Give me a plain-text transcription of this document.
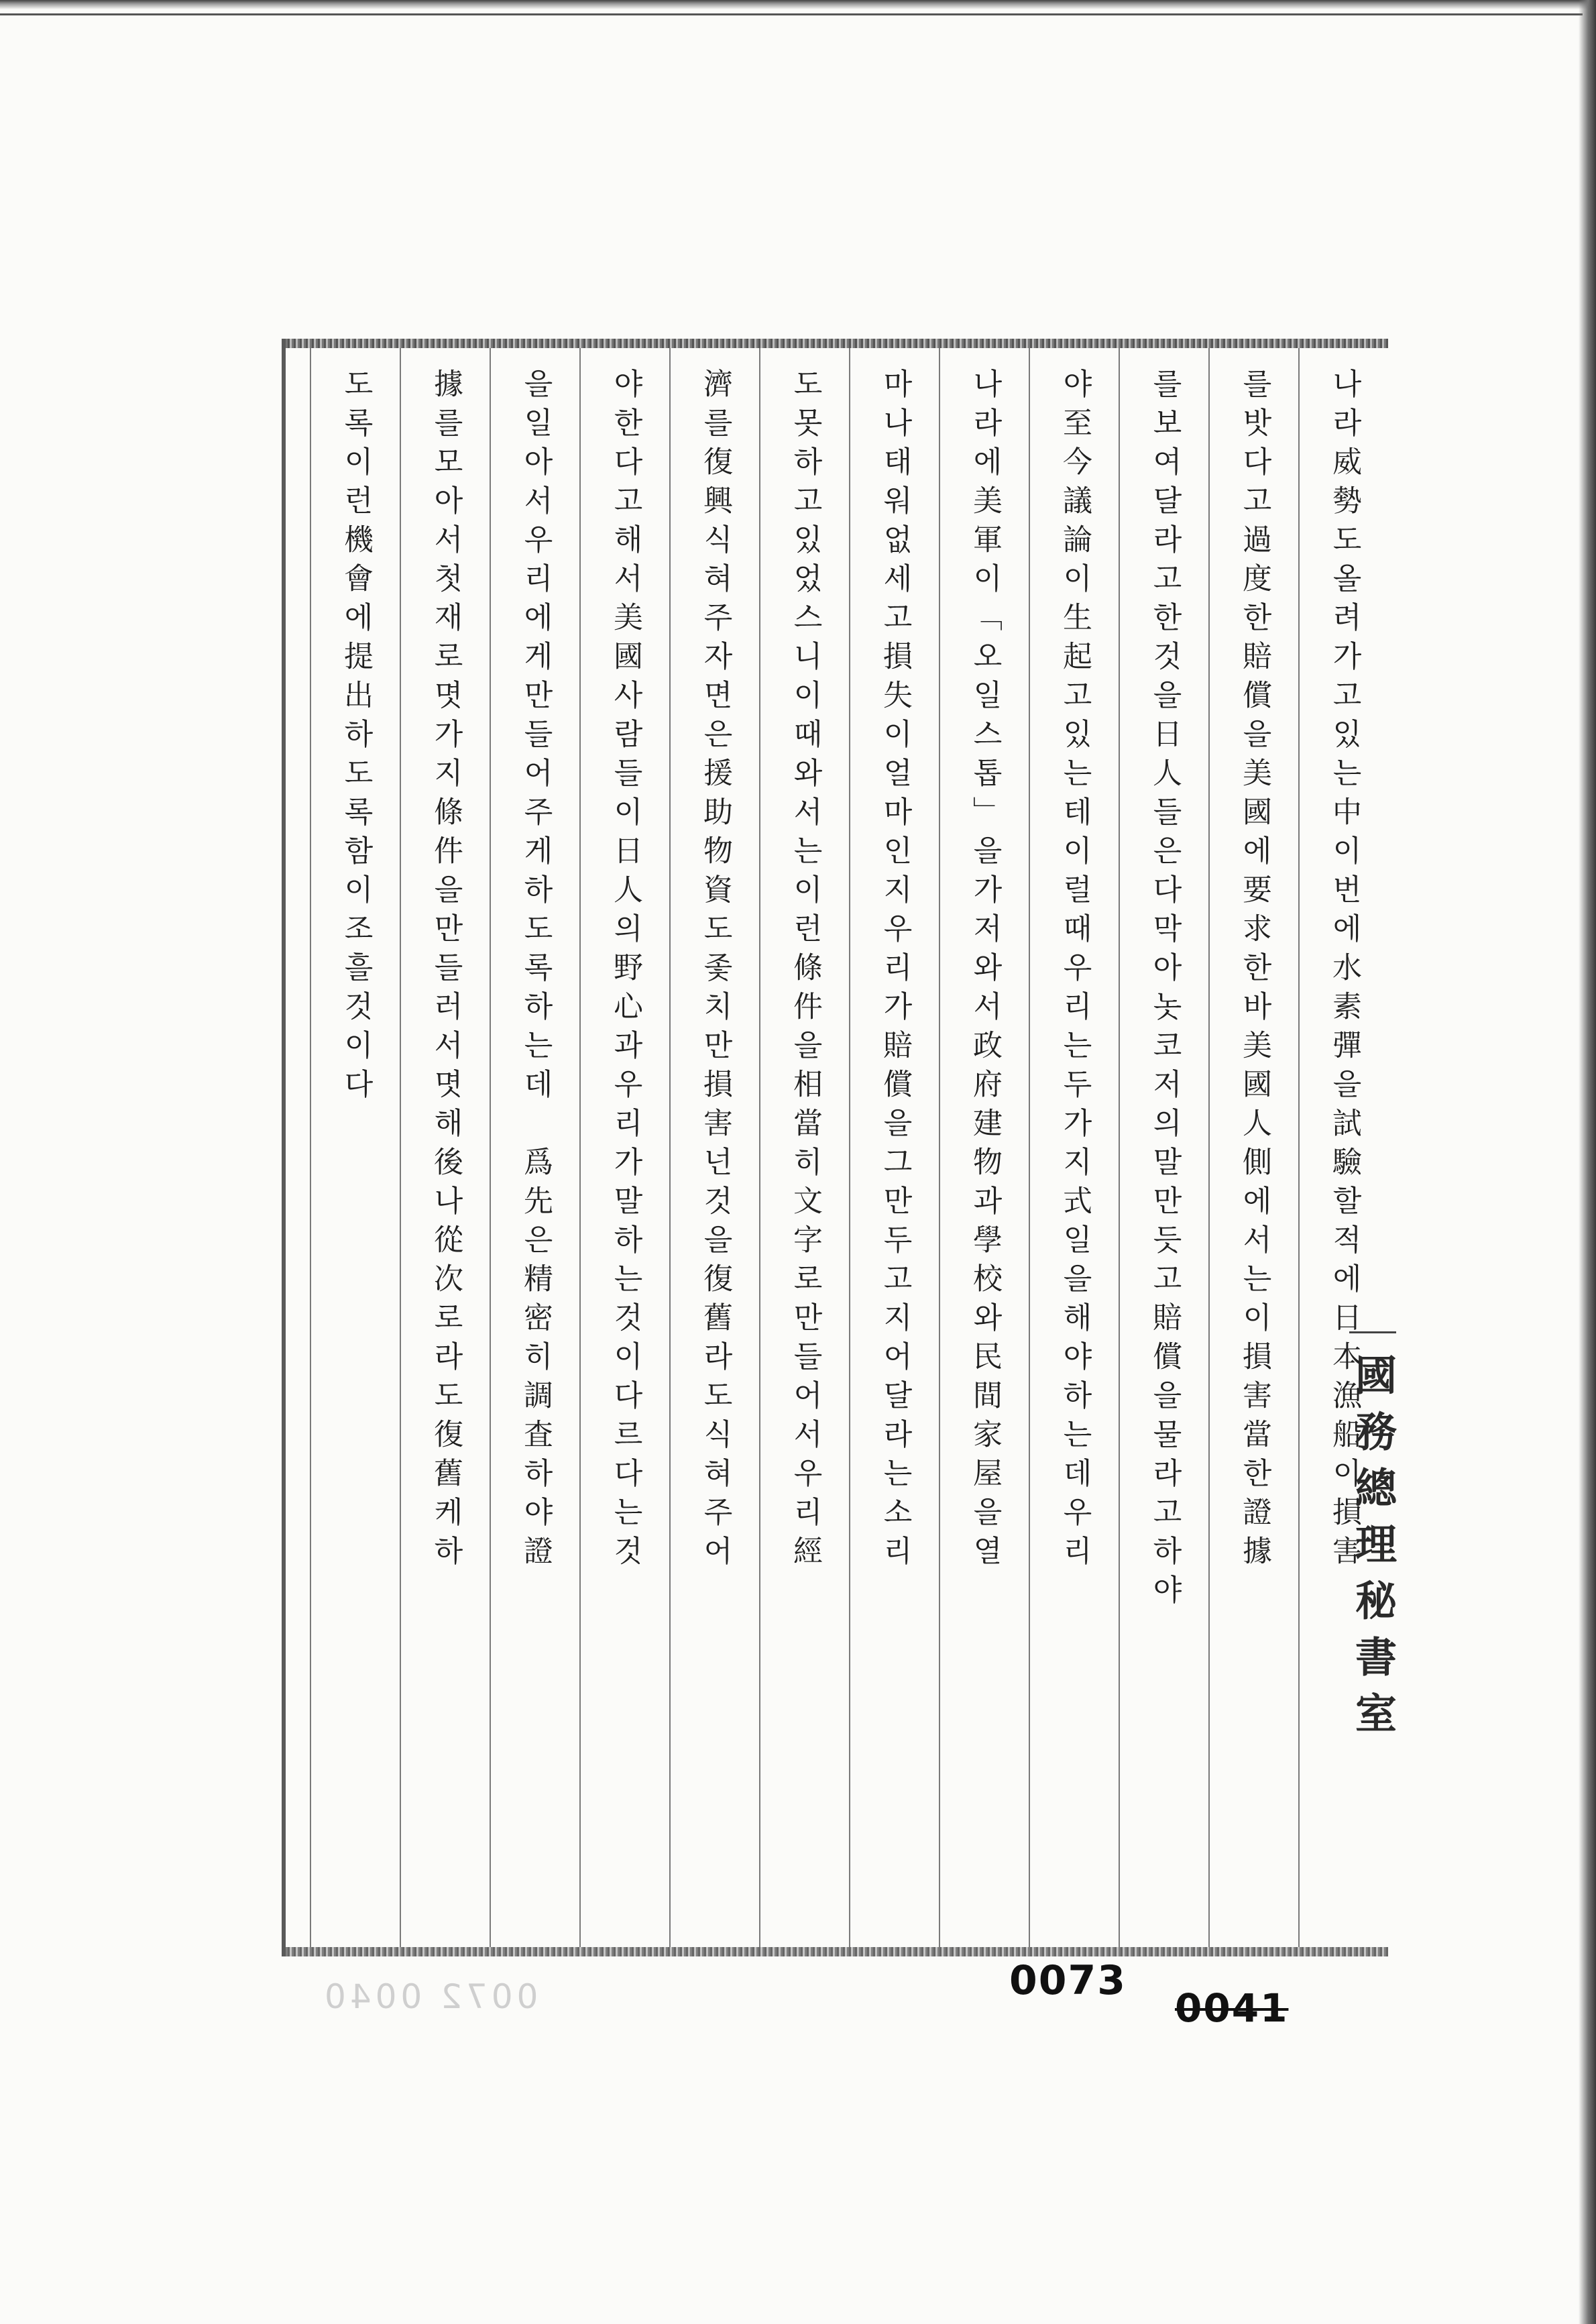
나라威勢도올려가고있는中이번에水素彈을試驗할적에日本漁船이損害
를밧다고過度한賠償을美國에要求한바美國人側에서는이損害當한證據
를보여달라고한것을日人들은다막아놋코저의말만듯고賠償을물라고하야
야至今議論이生起고있는테이럴때우리는두가지式일을해야하는데우리
나라에美軍이「오일스톱」을가저와서政府建物과學校와民間家屋을열
마나태워없세고損失이얼마인지우리가賠償을그만두고지어달라는소리
도못하고있었스니이때와서는이런條件을相當히文字로만들어서우리經
濟를復興식혀주자면은援助物資도좇치만損害넌것을復舊라도식혀주어
야한다고해서美國사람들이日人의野心과우리가말하는것이다르다는것
을일아서우리에게만들어주게하도록하는데　爲先은精密히調査하야證
據를모아서첫재로몃가지條件을만들러서몃해後나從次로라도復舊케하
도록이런機會에提出하도록함이조흘것이다
國務總理秘書室
0073
0041
0072 0040
